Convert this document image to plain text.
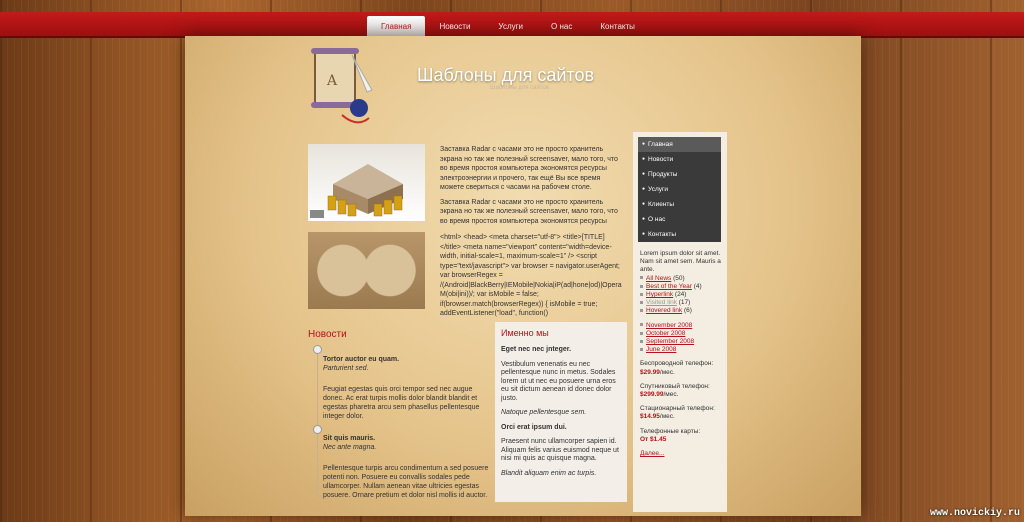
Главная	Новости	Услуги	О нас	Контакты
A	Шаблоны для сайтов
Шаблоны для сайтов

Заставка Radar с часами это не просто хранитель экрана но так же полезный screensaver, мало того, что во время простоя компьютера экономятся ресурсы электроэнергии и прочего, так ещё Вы все время можете свериться с часами на рабочем столе.

Заставка Radar с часами это не просто хранитель экрана но так же полезный screensaver, мало того, что во время простоя компьютера экономятся ресурсы

<html> <head> <meta charset="utf-8"> <title>[TITLE]</title> <meta name="viewport" content="width=device-width, initial-scale=1, maximum-scale=1" /> <script type="text/javascript"> var browser = navigator.userAgent; var browserRegex = /(Android|BlackBerry|IEMobile|Nokia|iP(ad|hone|od)|Opera M(obi|ini))/; var isMobile = false; if(browser.match(browserRegex)) { isMobile = true; addEventListener("load", function()
Новости
Tortor auctor eu quam.
Parturient sed.
Feugiat egestas quis orci tempor sed nec augue donec. Ac erat turpis mollis dolor blandit blandit et egestas pharetra arcu sem phasellus pellentesque integer dolor.
Sit quis mauris.
Nec ante magna.
Pellentesque turpis arcu condimentum a sed posuere potenti non. Posuere eu convallis sodales pede ullamcorper. Nullam aenean vitae ultricies egestas posuere. Ornare pretium et dolor nisl mollis id auctor.
Именно мы

Eget nec nec jnteger.

Vestibulum venenatis eu nec pellentesque nunc in metus. Sodales lorem ut ut nec eu posuere urna eros eu sit dictum aenean id donec dolor justo.

Natoque pellentesque sem.

Orci erat ipsum dui.

Praesent nunc ullamcorper sapien id. Aliquam felis varius euismod neque ut nisi mi quis ac quisque magna.

Blandit aliquam enim ac turpis.

● Главная
● Новости
● Продукты
● Услуги
● Клиенты
● О нас
● Контакты
Lorem ipsum dolor sit amet. Nam sit amet sem. Mauris a ante.
All News (50)
Best of the Year (4)
Hyperlink (24)
Visited link (17)
Hovered link (6)
November 2008
October 2008
September 2008
June 2008
Беспроводной телефон:
$29.99/мес.
Спутниковый телефон:
$299.99/мес.
Стационарный телефон:
$14.95/мес.
Телефонные карты:
От $1.45
Далее...
www.novickiy.ru
